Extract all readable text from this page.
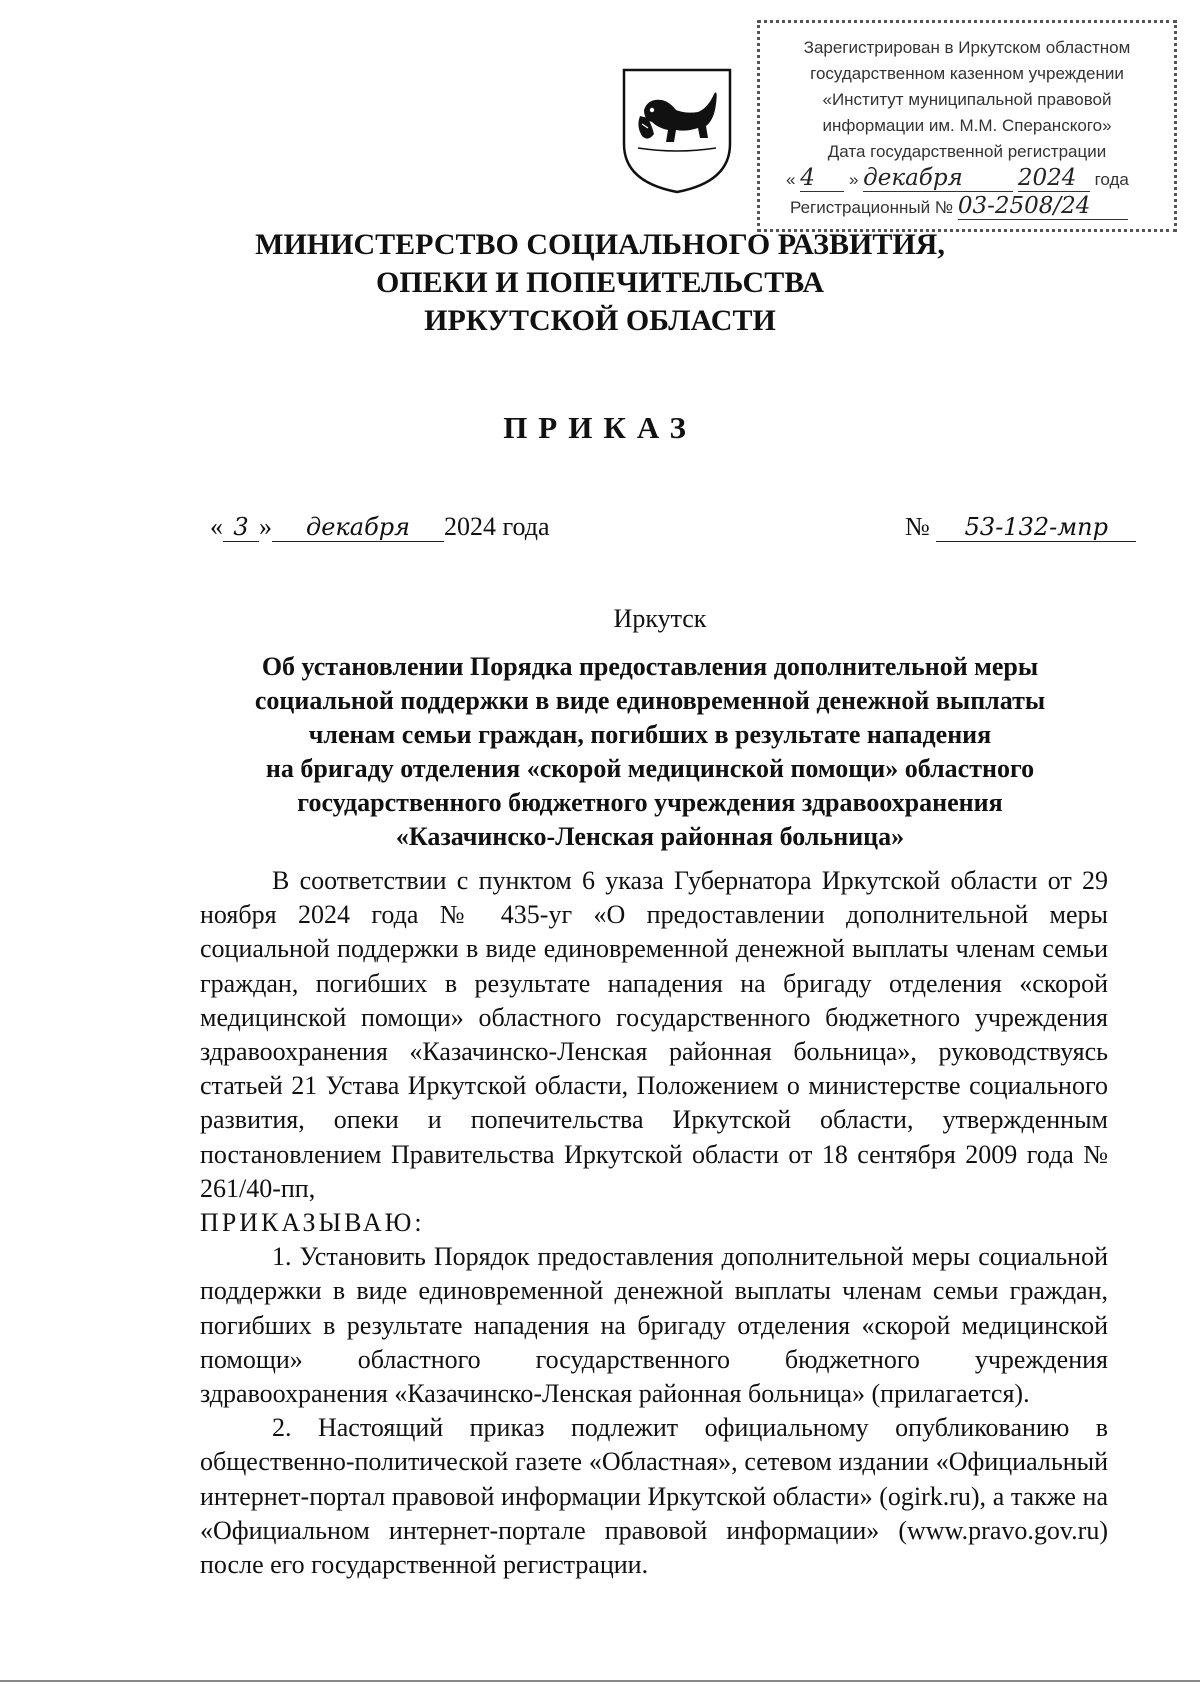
Зарегистрирован в Иркутском областном
государственном казенном учреждении
«Институт муниципальной правовой
информации им. М.М. Сперанского»
Дата государственной регистрации
« 4 » декабря 2024 года
Регистрационный № 03-2508/24
МИНИСТЕРСТВО СОЦИАЛЬНОГО РАЗВИТИЯ,
ОПЕКИ И ПОПЕЧИТЕЛЬСТВА
ИРКУТСКОЙ ОБЛАСТИ
ПРИКАЗ
« 3 » декабря 2024 года	№ 53-132-мпр
Иркутск
Об установлении Порядка предоставления дополнительной меры
социальной поддержки в виде единовременной денежной выплаты
членам семьи граждан, погибших в результате нападения
на бригаду отделения «скорой медицинской помощи» областного
государственного бюджетного учреждения здравоохранения
«Казачинско-Ленская районная больница»

В соответствии с пунктом 6 указа Губернатора Иркутской области от 29 ноября 2024 года № 435-уг «О предоставлении дополнительной меры социальной поддержки в виде единовременной денежной выплаты членам семьи граждан, погибших в результате нападения на бригаду отделения «скорой медицинской помощи» областного государственного бюджетного учреждения здравоохранения «Казачинско-Ленская районная больница», руководствуясь статьей 21 Устава Иркутской области, Положением о министерстве социального развития, опеки и попечительства Иркутской области, утвержденным постановлением Правительства Иркутской области от 18 сентября 2009 года № 261/40-пп,

ПРИКАЗЫВАЮ:

1. Установить Порядок предоставления дополнительной меры социальной поддержки в виде единовременной денежной выплаты членам семьи граждан, погибших в результате нападения на бригаду отделения «скорой медицинской помощи» областного государственного бюджетного учреждения здравоохранения «Казачинско-Ленская районная больница» (прилагается).

2. Настоящий приказ подлежит официальному опубликованию в общественно-политической газете «Областная», сетевом издании «Официальный интернет-портал правовой информации Иркутской области» (ogirk.ru), а также на «Официальном интернет-портале правовой информации» (www.pravo.gov.ru) после его государственной регистрации.
